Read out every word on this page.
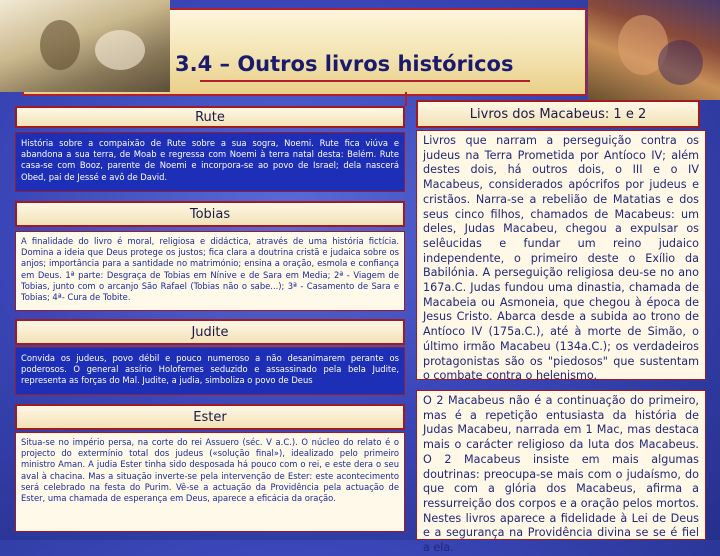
3.4 – Outros livros históricos
Rute
História sobre a compaixão de Rute sobre a sua sogra, Noemi. Rute fica viúva e abandona a sua terra, de Moab e regressa com Noemi à terra natal desta: Belém. Rute casa-se com Booz, parente de Noemi e incorpora-se ao povo de Israel; dela nascerá Obed, pai de Jessé e avô de David.
Tobias
A finalidade do livro é moral, religiosa e didáctica, através de uma história fictícia. Domina a ideia que Deus protege os justos; fica clara a doutrina cristã e judaica sobre os anjos; importância para a santidade no matrimónio; ensina a oração, esmola e confiança em Deus. 1ª parte: Desgraça de Tobias em Nínive e de Sara em Media; 2ª - Viagem de Tobias, junto com o arcanjo São Rafael (Tobias não o sabe...); 3ª - Casamento de Sara e Tobias; 4ª- Cura de Tobite.
Judite
Convida os judeus, povo débil e pouco numeroso a não desanimarem perante os poderosos. O general assírio Holofernes seduzido e assassinado pela bela Judite, representa as forças do Mal. Judite, a judia, simboliza o povo de Deus
Ester
Situa-se no império persa, na corte do rei Assuero (séc. V a.C.). O núcleo do relato é o projecto do extermínio total dos judeus («solução final»), idealizado pelo primeiro ministro Aman. A judia Ester tinha sido desposada há pouco com o rei, e este dera o seu aval à chacina. Mas a situação inverte-se pela intervenção de Ester: este acontecimento será celebrado na festa do Purim. Vê-se a actuação da Providência pela actuação de Ester, uma chamada de esperança em Deus, aparece a eficácia da oração.
Livros dos Macabeus: 1 e 2
Livros que narram a perseguição contra os judeus na Terra Prometida por Antíoco IV; além destes dois, há outros dois, o III e o IV Macabeus, considerados apócrifos por judeus e cristãos. Narra-se a rebelião de Matatias e dos seus cinco filhos, chamados de Macabeus: um deles, Judas Macabeu, chegou a expulsar os selêucidas e fundar um reino judaico independente, o primeiro deste o Exílio da Babilónia. A perseguição religiosa deu-se no ano 167a.C. Judas fundou uma dinastia, chamada de Macabeia ou Asmoneia, que chegou à época de Jesus Cristo. Abarca desde a subida ao trono de Antíoco IV (175a.C.), até à morte de Simão, o último irmão Macabeu (134a.C.); os verdadeiros protagonistas são os "piedosos" que sustentam o combate contra o helenismo.
O 2 Macabeus não é a continuação do primeiro, mas é a repetição entusiasta da história de Judas Macabeu, narrada em 1 Mac, mas destaca mais o carácter religioso da luta dos Macabeus. O 2 Macabeus insiste em mais algumas doutrinas: preocupa-se mais com o judaísmo, do que com a glória dos Macabeus, afirma a ressurreição dos corpos e a oração pelos mortos. Nestes livros aparece a fidelidade à Lei de Deus e a segurança na Providência divina se se é fiel a ela.
